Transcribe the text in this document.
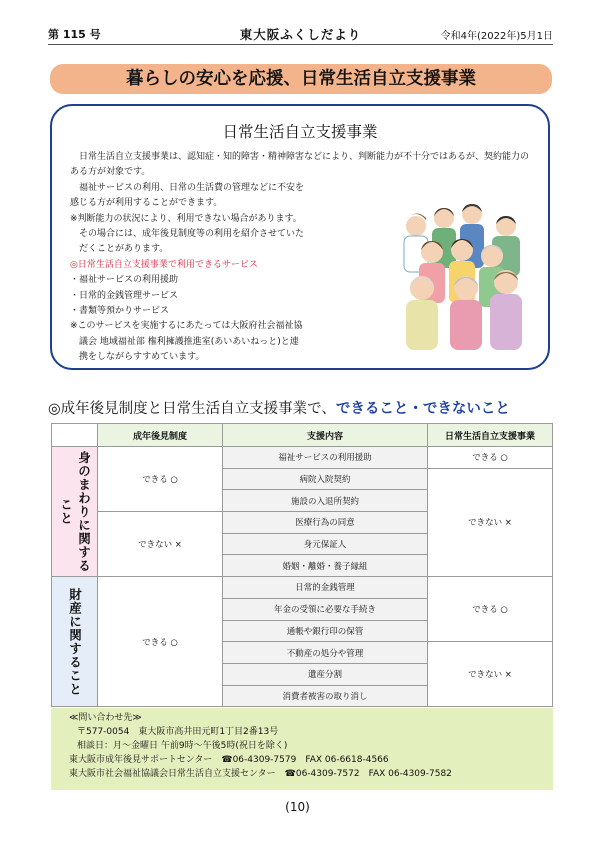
第 115 号	東大阪ふくしだより	令和4年(2022年)5月1日
暮らしの安心を応援、日常生活自立支援事業
日常生活自立支援事業

日常生活自立支援事業は、認知症・知的障害・精神障害などにより、判断能力が不十分ではあるが、契約能力のある方が対象です。

福祉サービスの利用、日常の生活費の管理などに不安を

感じる方が利用することができます。

※判断能力の状況により、利用できない場合があります。

その場合には、成年後見制度等の利用を紹介させていた

だくことがあります。

◎日常生活自立支援事業で利用できるサービス

・福祉サービスの利用援助

・日常的金銭管理サービス

・書類等預かりサービス

※このサービスを実施するにあたっては大阪府社会福祉協

議会 地域福祉部 権利擁護推進室(あいあいねっと)と連

携をしながらすすめています。

◎成年後見制度と日常生活自立支援事業で、できること・できないこと
	成年後見制度	支援内容	日常生活自立支援事業

身のまわりに関すること	できる ○	福祉サービスの利用援助	できる ○
		病院入院契約	できない ×
		施設の入退所契約	
	できない ×	医療行為の同意	
		身元保証人	
		婚姻・離婚・養子縁組	

財産に関すること	できる ○	日常的金銭管理	できる ○
		年金の受領に必要な手続き	
		通帳や銀行印の保管	
		不動産の処分や管理	できない ×
		遺産分割	
		消費者被害の取り消し	

≪問い合わせ先≫

〒577-0054　東大阪市高井田元町1丁目2番13号

相談日：月～金曜日 午前9時～午後5時(祝日を除く)

東大阪市成年後見サポートセンター　☎06-4309-7579　FAX 06-6618-4566

東大阪市社会福祉協議会日常生活自立支援センター　☎06-4309-7572　FAX 06-4309-7582

(10)
